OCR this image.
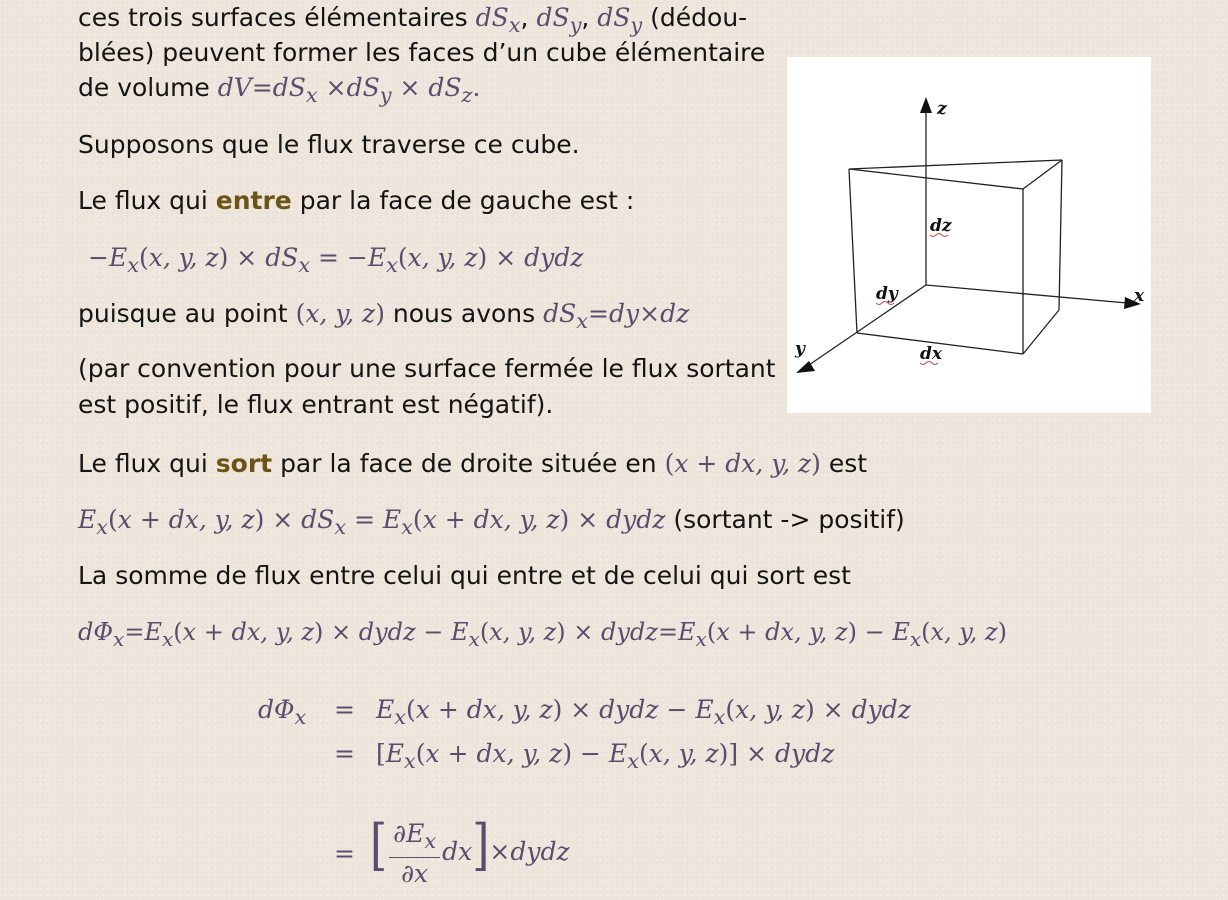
ces trois surfaces élémentaires $dS_x$, $dS_y$, $dS_y$ (dédou-
blées) peuvent former les faces d’un cube élémentaire
de volume $dV=dS_x \times dS_y \times dS_z$.
Supposons que le flux traverse ce cube.
Le flux qui entre par la face de gauche est :
$-E_x(x$, y, $z) \times dS_x = -E_x(x$, y, z) × dydz
puisque au point (x, y, z) nous avons $dS_x=dy\times dz$
(par convention pour une surface fermée le flux sortant
est positif, le flux entrant est négatif).
z
x
y
dz
dy
dx
Le flux qui sort par la face de droite située en (x + dx, y, z) est
$E_x(x$ + dx, y, $z) \times dS_x = E_x(x$ + dx, y, z) × dydz (sortant -> positif)
La somme de flux entre celui qui entre et de celui qui sort est
$d\Phi_x=E_x(x$ + dx, y, z) × dydz − $E_x(x$, y, $z) \times dydz=E_x(x$ + dx, y, $z) - E_x(x$, y, z)
$d\Phi_x = E_x(x$ + dx, y, z) × dydz − $E_x(x$, y, z) × dydz
= [$E_x(x$ + dx, y, $z) - E_x(x$, y, z)] × dydz
= [ $\frac{\partial E_x}{\partial x}$ dx]×dydz
